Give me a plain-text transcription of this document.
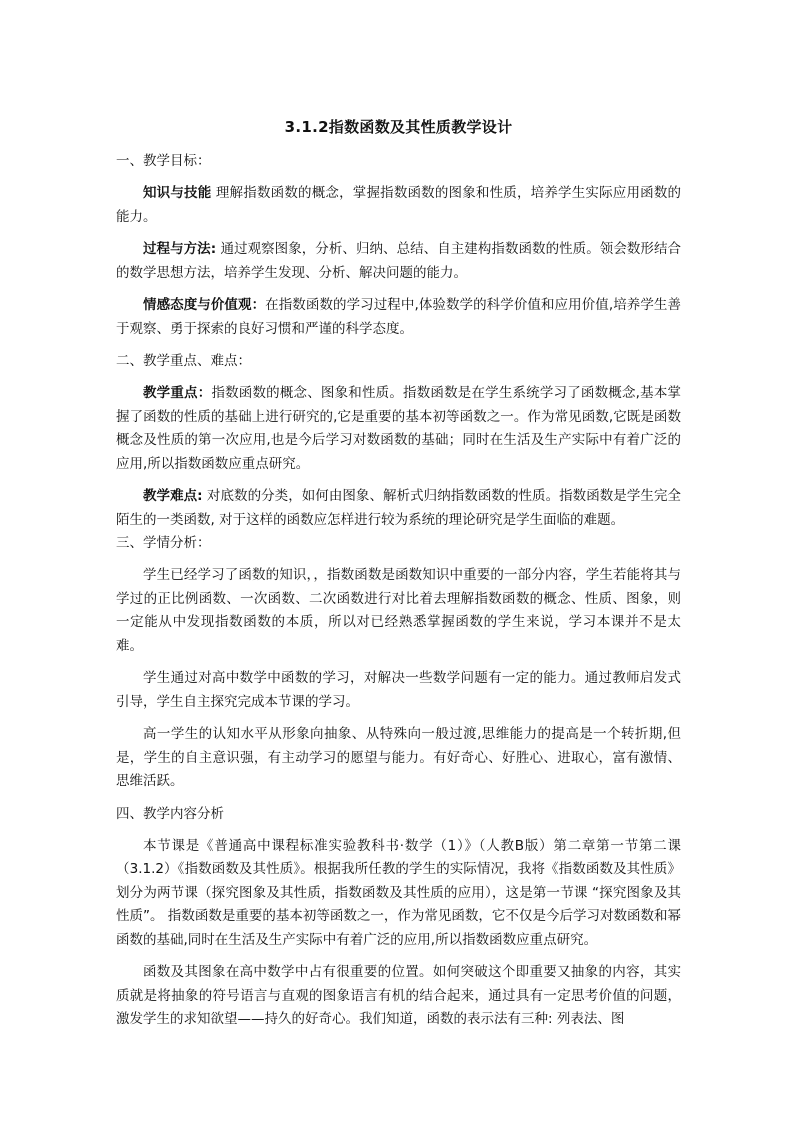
3.1.2指数函数及其性质教学设计
一、教学目标：
知识与技能 理解指数函数的概念，掌握指数函数的图象和性质，培养学生实际应用函数的能力。
过程与方法: 通过观察图象，分析、归纳、总结、自主建构指数函数的性质。领会数形结合的数学思想方法，培养学生发现、分析、解决问题的能力。
情感态度与价值观：在指数函数的学习过程中,体验数学的科学价值和应用价值,培养学生善于观察、勇于探索的良好习惯和严谨的科学态度。
二、教学重点、难点：
教学重点：指数函数的概念、图象和性质。指数函数是在学生系统学习了函数概念,基本掌握了函数的性质的基础上进行研究的,它是重要的基本初等函数之一。作为常见函数,它既是函数概念及性质的第一次应用,也是今后学习对数函数的基础；同时在生活及生产实际中有着广泛的应用,所以指数函数应重点研究。
教学难点: 对底数的分类，如何由图象、解析式归纳指数函数的性质。指数函数是学生完全陌生的一类函数, 对于这样的函数应怎样进行较为系统的理论研究是学生面临的难题。
三、学情分析：
学生已经学习了函数的知识，，指数函数是函数知识中重要的一部分内容，学生若能将其与学过的正比例函数、一次函数、二次函数进行对比着去理解指数函数的概念、性质、图象，则一定能从中发现指数函数的本质，所以对已经熟悉掌握函数的学生来说，学习本课并不是太难。
学生通过对高中数学中函数的学习，对解决一些数学问题有一定的能力。通过教师启发式引导，学生自主探究完成本节课的学习。
高一学生的认知水平从形象向抽象、从特殊向一般过渡,思维能力的提高是一个转折期,但是，学生的自主意识强，有主动学习的愿望与能力。有好奇心、好胜心、进取心，富有激情、思维活跃。
四、教学内容分析
本节课是《普通高中课程标准实验教科书·数学（1）》（人教B版）第二章第一节第二课（3.1.2）《指数函数及其性质》。根据我所任教的学生的实际情况，我将《指数函数及其性质》划分为两节课（探究图象及其性质，指数函数及其性质的应用），这是第一节课 “探究图象及其性质”。 指数函数是重要的基本初等函数之一，作为常见函数，它不仅是今后学习对数函数和幂函数的基础,同时在生活及生产实际中有着广泛的应用,所以指数函数应重点研究。
函数及其图象在高中数学中占有很重要的位置。如何突破这个即重要又抽象的内容，其实质就是将抽象的符号语言与直观的图象语言有机的结合起来，通过具有一定思考价值的问题，激发学生的求知欲望——持久的好奇心。我们知道，函数的表示法有三种: 列表法、图
